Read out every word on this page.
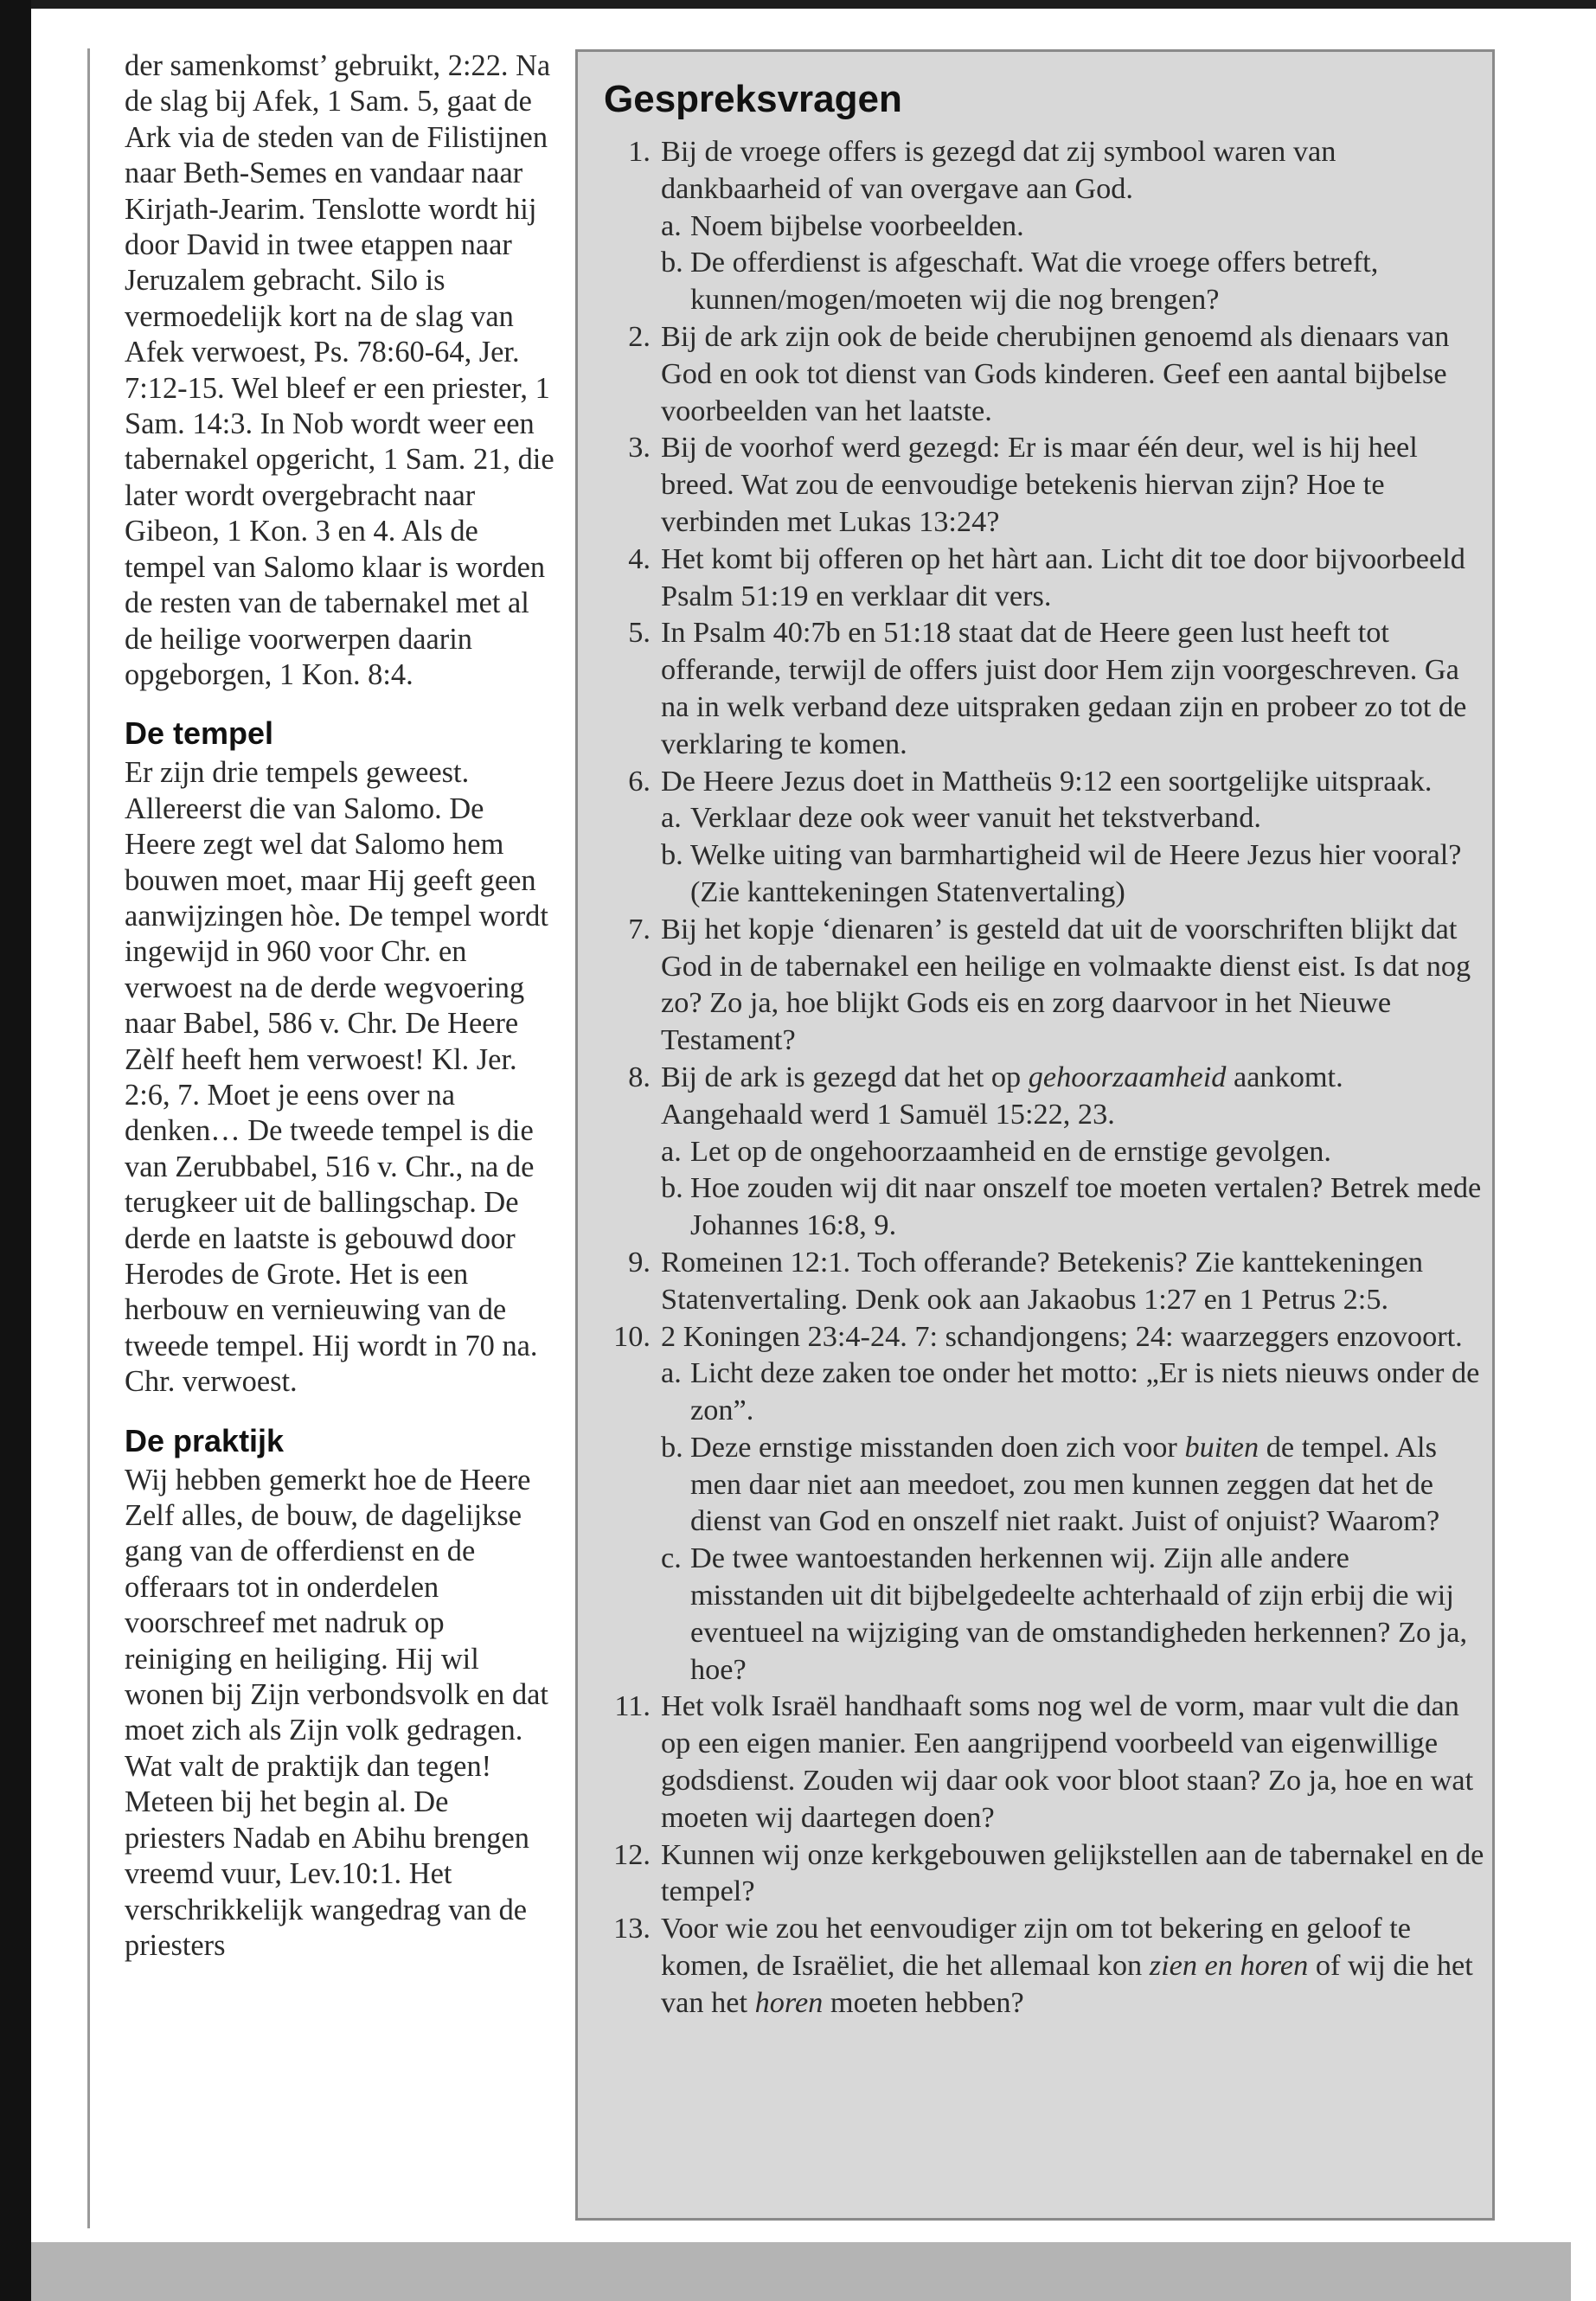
der samenkomst’ gebruikt, 2:22. Na de slag bij Afek, 1 Sam. 5, gaat de Ark via de steden van de Filistijnen naar Beth-Semes en vandaar naar Kirjath-Jearim. Tenslotte wordt hij door David in twee etappen naar Jeruzalem gebracht. Silo is vermoedelijk kort na de slag van Afek verwoest, Ps. 78:60-64, Jer. 7:12-15. Wel bleef er een priester, 1 Sam. 14:3. In Nob wordt weer een tabernakel opgericht, 1 Sam. 21, die later wordt overgebracht naar Gibeon, 1 Kon. 3 en 4. Als de tempel van Salomo klaar is worden de resten van de tabernakel met al de heilige voorwerpen daarin opgeborgen, 1 Kon. 8:4.

De tempel

Er zijn drie tempels geweest. Allereerst die van Salomo. De Heere zegt wel dat Salomo hem bouwen moet, maar Hij geeft geen aanwijzingen hòe. De tempel wordt ingewijd in 960 voor Chr. en verwoest na de derde wegvoering naar Babel, 586 v. Chr. De Heere Zèlf heeft hem verwoest! Kl. Jer. 2:6, 7. Moet je eens over na denken… De tweede tempel is die van Zerubbabel, 516 v. Chr., na de terugkeer uit de ballingschap. De derde en laatste is gebouwd door Herodes de Grote. Het is een herbouw en vernieuwing van de tweede tempel. Hij wordt in 70 na. Chr. verwoest.

De praktijk

Wij hebben gemerkt hoe de Heere Zelf alles, de bouw, de dagelijkse gang van de offerdienst en de offeraars tot in onderdelen voorschreef met nadruk op reiniging en heiliging. Hij wil wonen bij Zijn verbondsvolk en dat moet zich als Zijn volk gedragen. Wat valt de praktijk dan tegen! Meteen bij het begin al. De priesters Nadab en Abihu brengen vreemd vuur, Lev.10:1. Het verschrikkelijk wangedrag van de priesters

Gespreksvragen
1. Bij de vroege offers is gezegd dat zij symbool waren van dankbaarheid of van overgave aan God.
a. Noem bijbelse voorbeelden.
b. De offerdienst is afgeschaft. Wat die vroege offers betreft, kunnen/mogen/moeten wij die nog brengen?
2. Bij de ark zijn ook de beide cherubijnen genoemd als dienaars van God en ook tot dienst van Gods kinderen. Geef een aantal bijbelse voorbeelden van het laatste.
3. Bij de voorhof werd gezegd: Er is maar één deur, wel is hij heel breed. Wat zou de eenvoudige betekenis hiervan zijn? Hoe te verbinden met Lukas 13:24?
4. Het komt bij offeren op het hàrt aan. Licht dit toe door bijvoorbeeld Psalm 51:19 en verklaar dit vers.
5. In Psalm 40:7b en 51:18 staat dat de Heere geen lust heeft tot offerande, terwijl de offers juist door Hem zijn voorgeschreven. Ga na in welk verband deze uitspraken gedaan zijn en probeer zo tot de verklaring te komen.
6. De Heere Jezus doet in Mattheüs 9:12 een soortgelijke uitspraak.
a. Verklaar deze ook weer vanuit het tekstverband.
b. Welke uiting van barmhartigheid wil de Heere Jezus hier vooral? (Zie kanttekeningen Statenvertaling)
7. Bij het kopje ‘dienaren’ is gesteld dat uit de voorschriften blijkt dat God in de tabernakel een heilige en volmaakte dienst eist. Is dat nog zo? Zo ja, hoe blijkt Gods eis en zorg daarvoor in het Nieuwe Testament?
8. Bij de ark is gezegd dat het op gehoorzaamheid aankomt. Aangehaald werd 1 Samuël 15:22, 23.
a. Let op de ongehoorzaamheid en de ernstige gevolgen.
b. Hoe zouden wij dit naar onszelf toe moeten vertalen? Betrek mede Johannes 16:8, 9.
9. Romeinen 12:1. Toch offerande? Betekenis? Zie kanttekeningen Statenvertaling. Denk ook aan Jakaobus 1:27 en 1 Petrus 2:5.
10. 2 Koningen 23:4-24. 7: schandjongens; 24: waarzeggers enzovoort.
a. Licht deze zaken toe onder het motto: „Er is niets nieuws onder de zon”.
b. Deze ernstige misstanden doen zich voor buiten de tempel. Als men daar niet aan meedoet, zou men kunnen zeggen dat het de dienst van God en onszelf niet raakt. Juist of onjuist? Waarom?
c. De twee wantoestanden herkennen wij. Zijn alle andere misstanden uit dit bijbelgedeelte achterhaald of zijn erbij die wij eventueel na wijziging van de omstandigheden herkennen? Zo ja, hoe?
11. Het volk Israël handhaaft soms nog wel de vorm, maar vult die dan op een eigen manier. Een aangrijpend voorbeeld van eigenwillige godsdienst. Zouden wij daar ook voor bloot staan? Zo ja, hoe en wat moeten wij daartegen doen?
12. Kunnen wij onze kerkgebouwen gelijkstellen aan de tabernakel en de tempel?
13. Voor wie zou het eenvoudiger zijn om tot bekering en geloof te komen, de Israëliet, die het allemaal kon zien en horen of wij die het van het horen moeten hebben?
